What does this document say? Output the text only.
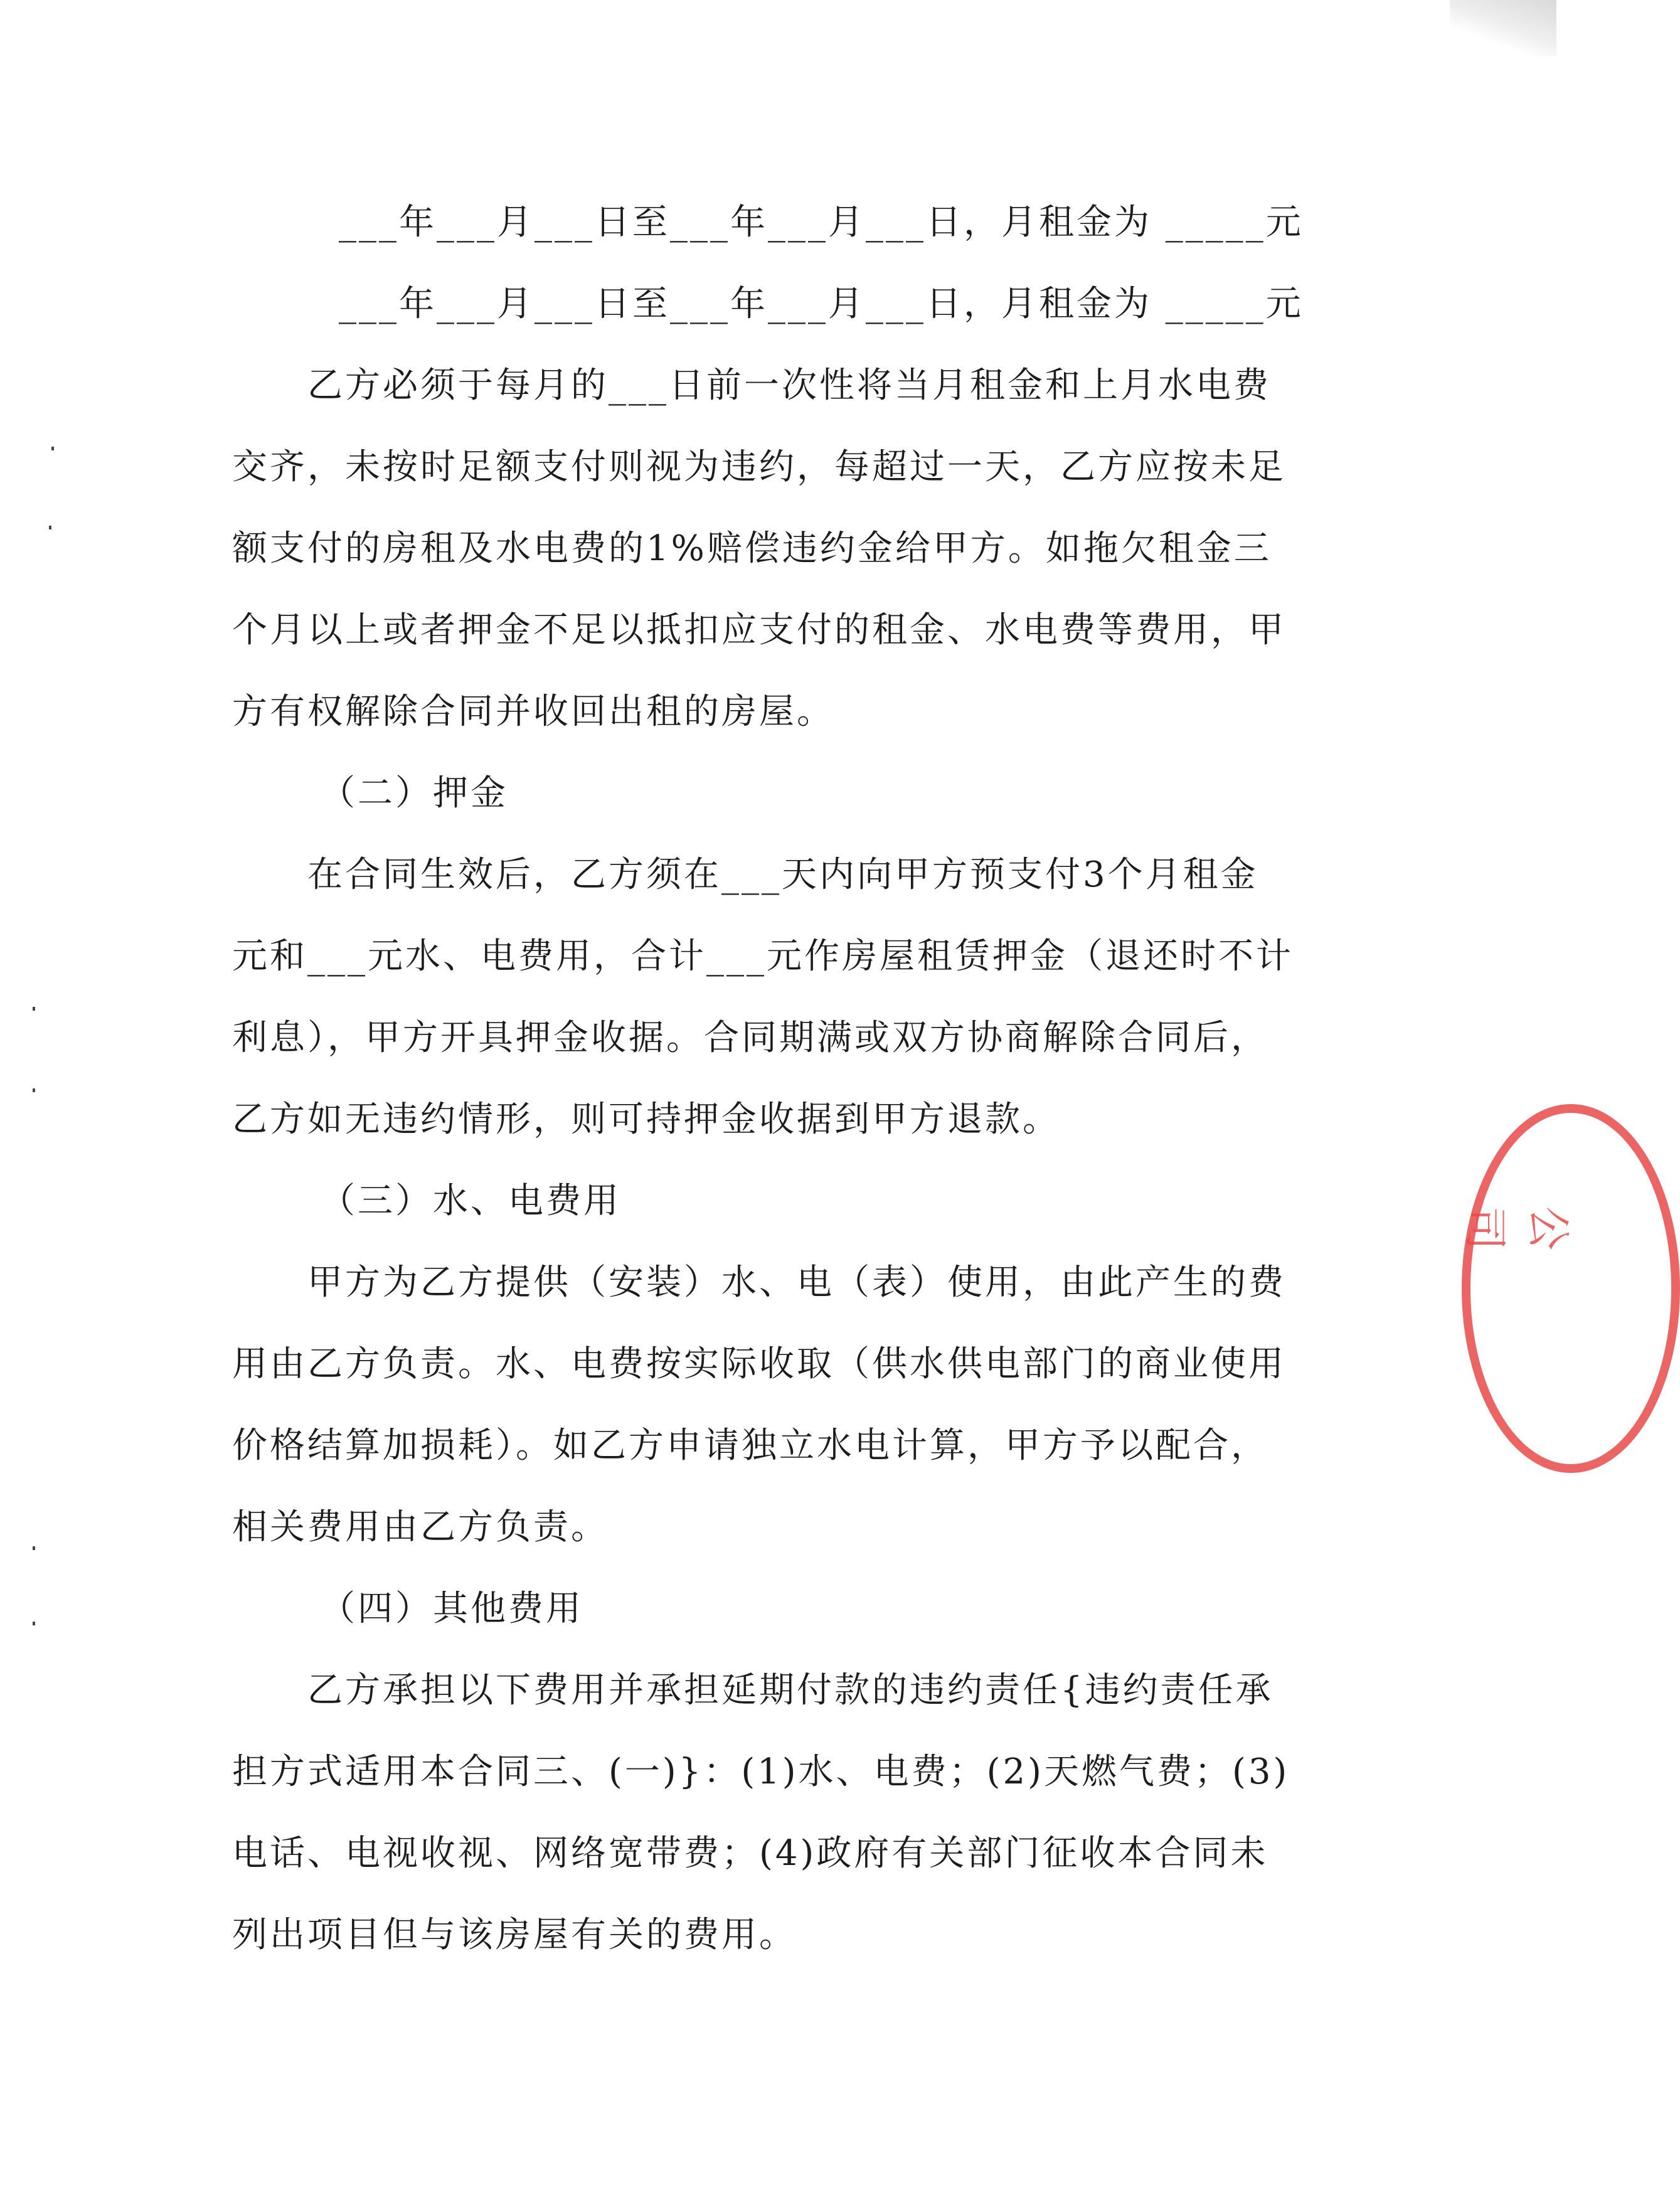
___年___月___日至___年___月___日，月租金为 _____元
___年___月___日至___年___月___日，月租金为 _____元
乙方必须于每月的___日前一次性将当月租金和上月水电费
交齐，未按时足额支付则视为违约，每超过一天，乙方应按未足
额支付的房租及水电费的1%赔偿违约金给甲方。如拖欠租金三
个月以上或者押金不足以抵扣应支付的租金、水电费等费用，甲
方有权解除合同并收回出租的房屋。
（二）押金
在合同生效后，乙方须在___天内向甲方预支付3个月租金
元和___元水、电费用，合计___元作房屋租赁押金（退还时不计
利息），甲方开具押金收据。合同期满或双方协商解除合同后，
乙方如无违约情形，则可持押金收据到甲方退款。
（三）水、电费用
甲方为乙方提供（安装）水、电（表）使用，由此产生的费
用由乙方负责。水、电费按实际收取（供水供电部门的商业使用
价格结算加损耗）。如乙方申请独立水电计算，甲方予以配合，
相关费用由乙方负责。
（四）其他费用
乙方承担以下费用并承担延期付款的违约责任{违约责任承
担方式适用本合同三、(一)}：(1)水、电费；(2)天燃气费；(3)
电话、电视收视、网络宽带费；(4)政府有关部门征收本合同未
列出项目但与该房屋有关的费用。
公司
